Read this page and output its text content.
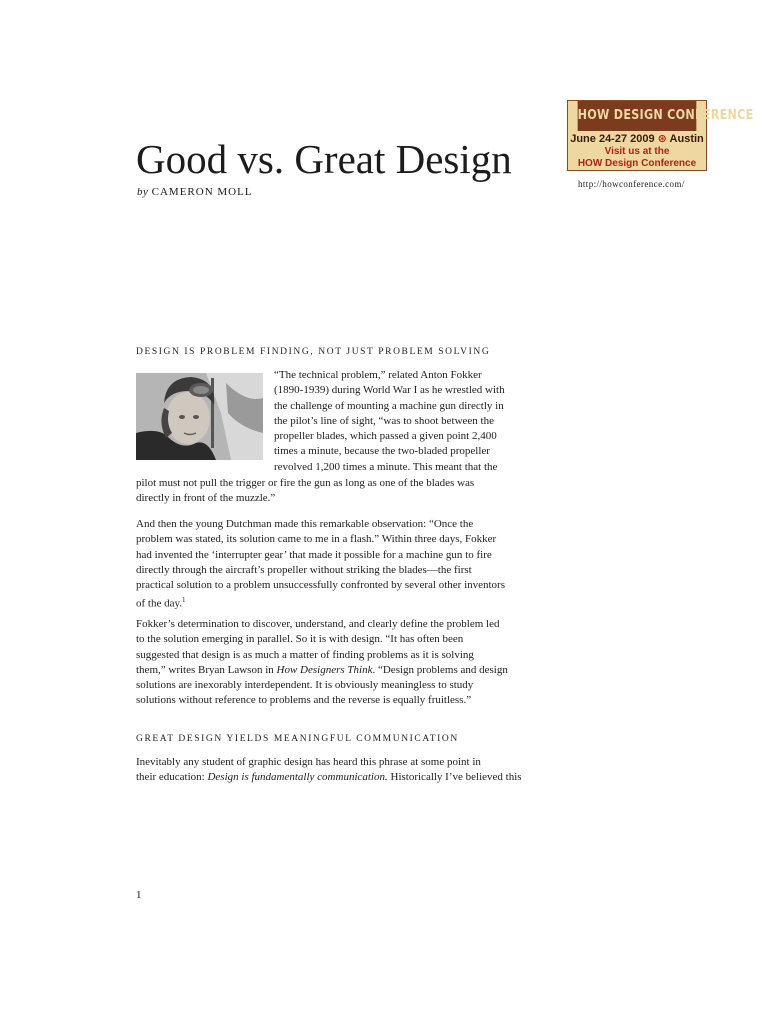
Good vs. Great Design
by CAMERON MOLL
HOW DESIGN CONFERENCE
June 24-27 2009 ⊛ Austin
Visit us at the
HOW Design Conference
http://howconference.com/
DESIGN IS PROBLEM FINDING, NOT JUST PROBLEM SOLVING
“The technical problem,” related Anton Fokker
(1890-1939) during World War I as he wrestled with
the challenge of mounting a machine gun directly in
the pilot’s line of sight, “was to shoot between the
propeller blades, which passed a given point 2,400
times a minute, because the two-bladed propeller
revolved 1,200 times a minute. This meant that the
pilot must not pull the trigger or fire the gun as long as one of the blades was
directly in front of the muzzle.”
And then the young Dutchman made this remarkable observation: “Once the
problem was stated, its solution came to me in a flash.” Within three days, Fokker
had invented the ‘interrupter gear’ that made it possible for a machine gun to fire
directly through the aircraft’s propeller without striking the blades—the first
practical solution to a problem unsuccessfully confronted by several other inventors
of the day.$^1$
Fokker’s determination to discover, understand, and clearly define the problem led
to the solution emerging in parallel. So it is with design. “It has often been
suggested that design is as much a matter of finding problems as it is solving
them,” writes Bryan Lawson in How Designers Think. “Design problems and design
solutions are inexorably interdependent. It is obviously meaningless to study
solutions without reference to problems and the reverse is equally fruitless.”
GREAT DESIGN YIELDS MEANINGFUL COMMUNICATION
Inevitably any student of graphic design has heard this phrase at some point in
their education: Design is fundamentally communication. Historically I’ve believed this
1
